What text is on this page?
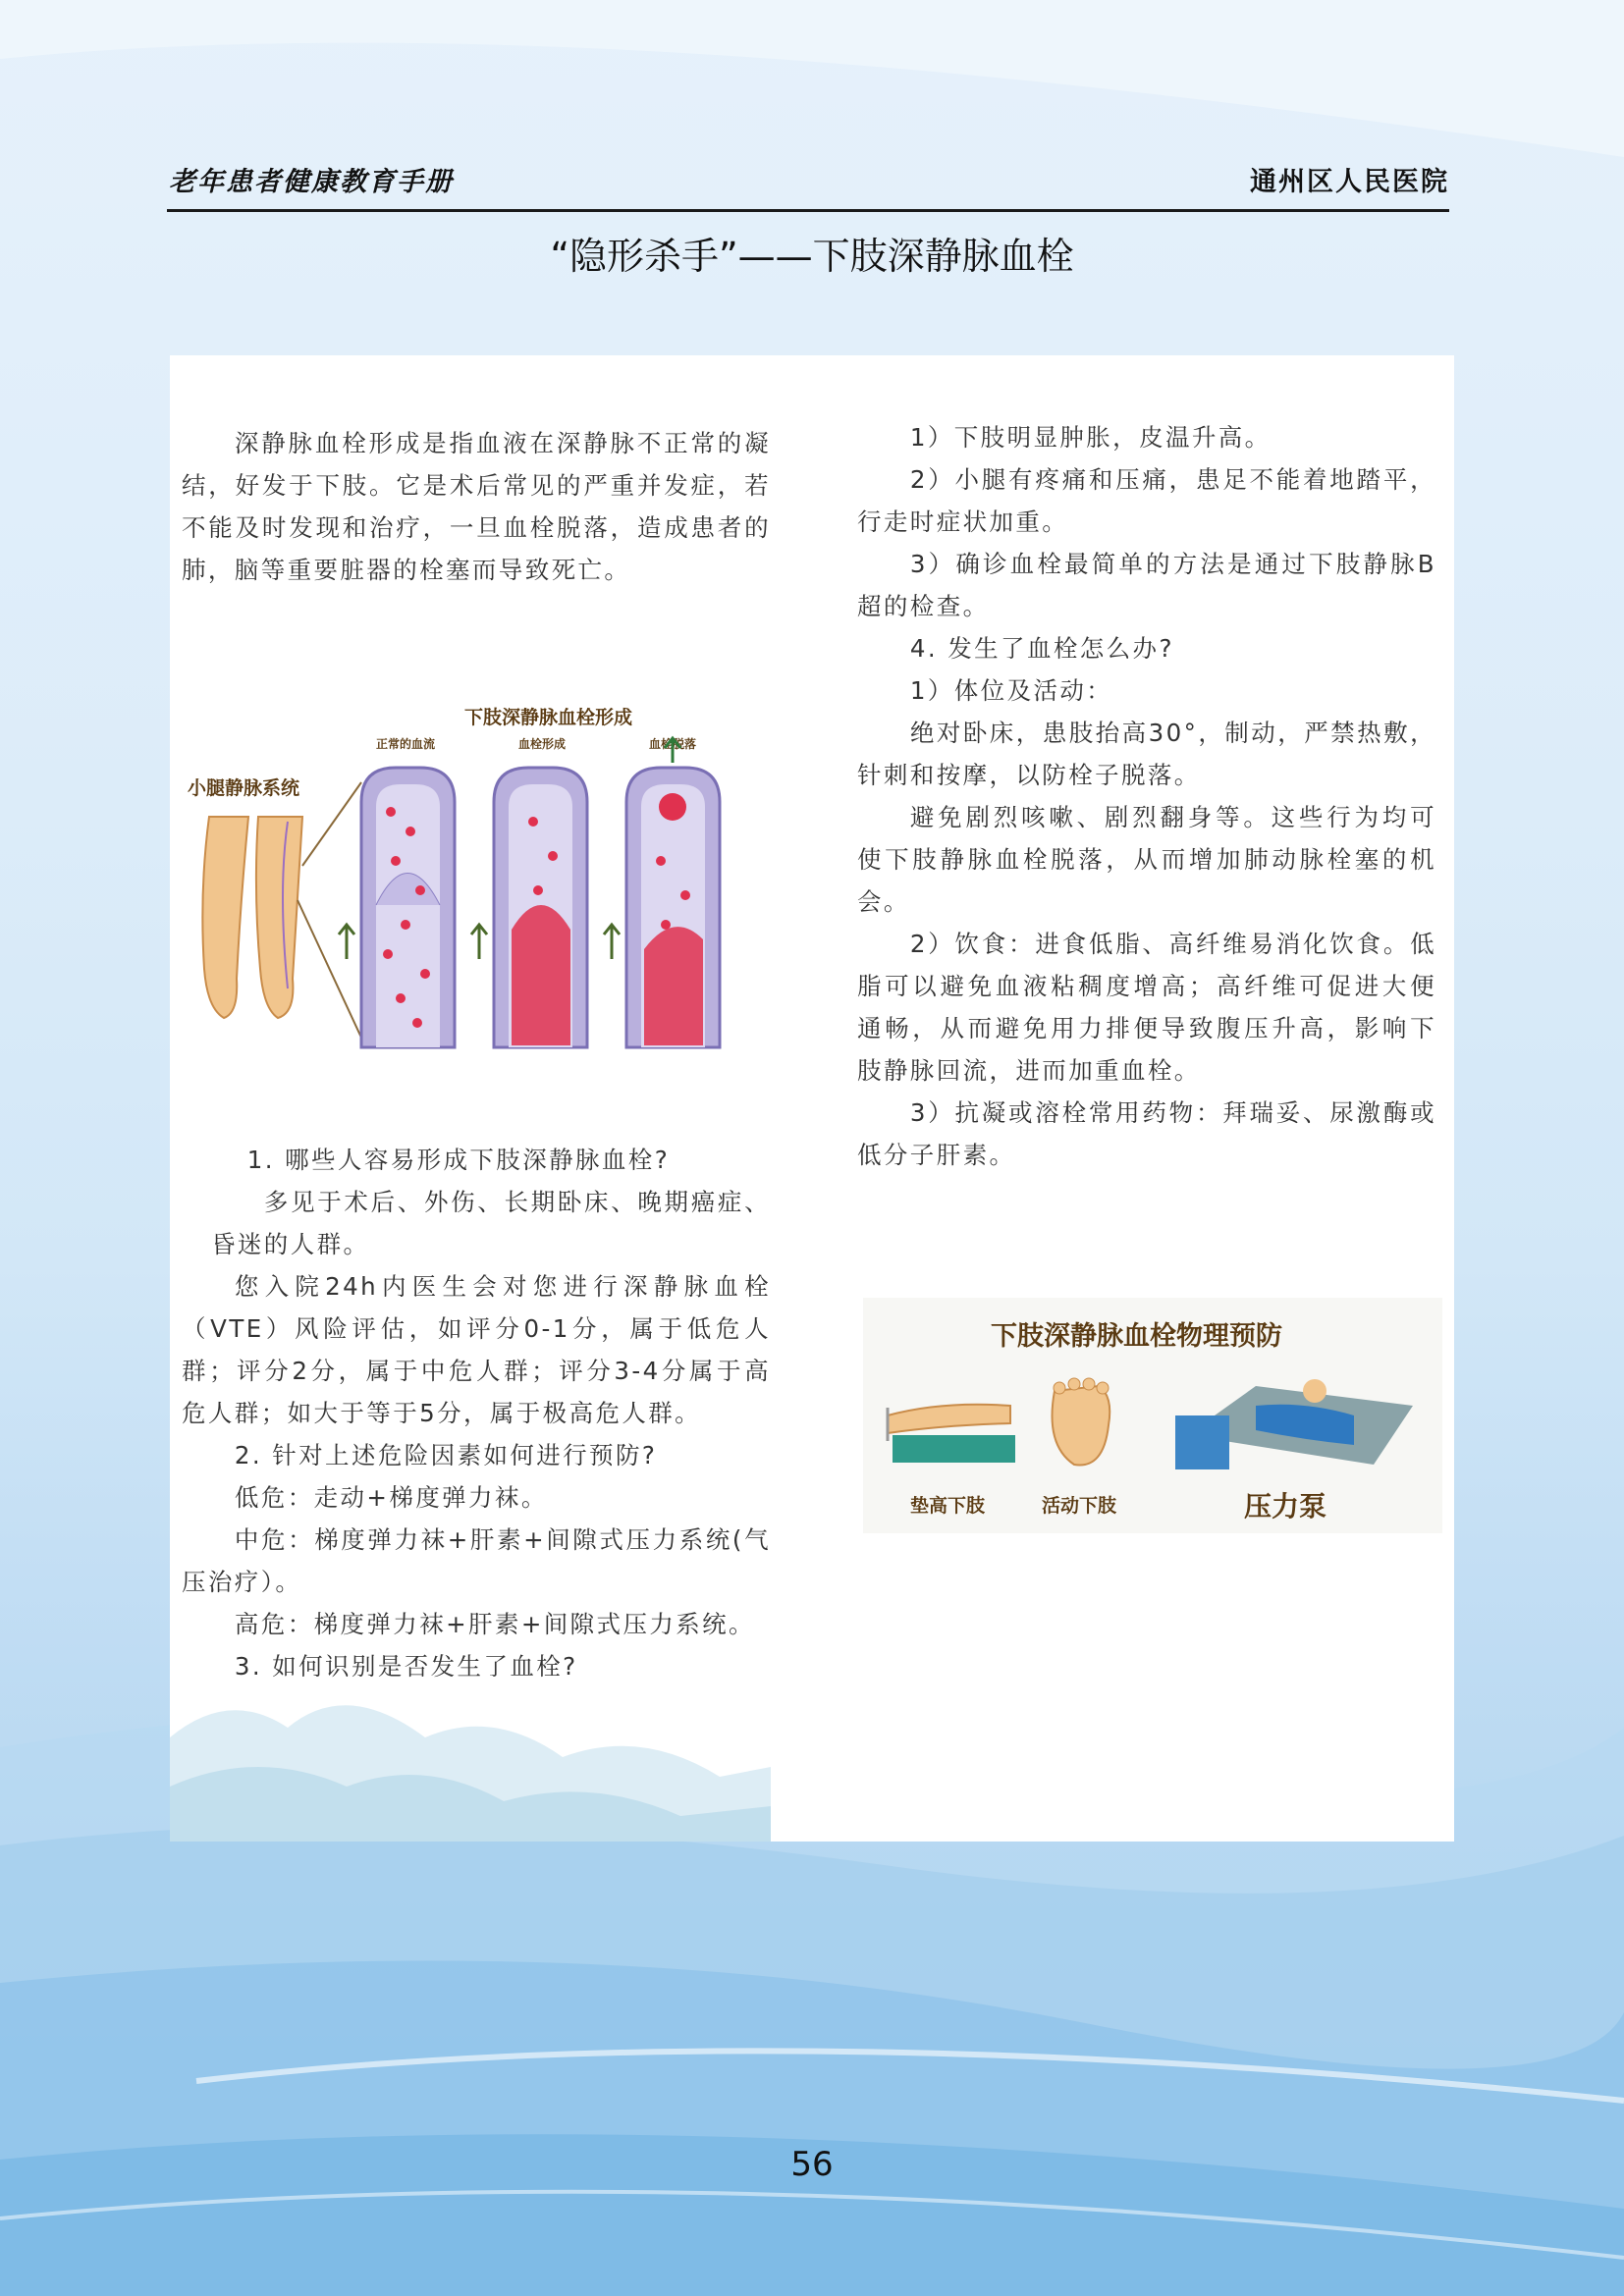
老年患者健康教育手册	通州区人民医院
“隐形杀手”——下肢深静脉血栓

深静脉血栓形成是指血液在深静脉不正常的凝结，好发于下肢。它是术后常见的严重并发症，若不能及时发现和治疗，一旦血栓脱落，造成患者的肺，脑等重要脏器的栓塞而导致死亡。

下肢深静脉血栓形成
小腿静脉系统
正常的血流	血栓形成	血栓脱落

1. 哪些人容易形成下肢深静脉血栓?

多见于术后、外伤、长期卧床、晚期癌症、昏迷的人群。

您入院24h内医生会对您进行深静脉血栓（VTE）风险评估，如评分0-1分，属于低危人群；评分2分，属于中危人群；评分3-4分属于高危人群；如大于等于5分，属于极高危人群。

2. 针对上述危险因素如何进行预防?

低危：走动+梯度弹力袜。

中危：梯度弹力袜+肝素+间隙式压力系统(气压治疗）。

高危：梯度弹力袜+肝素+间隙式压力系统。

3. 如何识别是否发生了血栓?

1）下肢明显肿胀，皮温升高。

2）小腿有疼痛和压痛，患足不能着地踏平，行走时症状加重。

3）确诊血栓最简单的方法是通过下肢静脉B超的检查。

4. 发生了血栓怎么办?

1）体位及活动：

绝对卧床，患肢抬高30°，制动，严禁热敷，针刺和按摩，以防栓子脱落。

避免剧烈咳嗽、剧烈翻身等。这些行为均可使下肢静脉血栓脱落，从而增加肺动脉栓塞的机会。

2）饮食：进食低脂、高纤维易消化饮食。低脂可以避免血液粘稠度增高；高纤维可促进大便通畅，从而避免用力排便导致腹压升高，影响下肢静脉回流，进而加重血栓。

3）抗凝或溶栓常用药物：拜瑞妥、尿激酶或低分子肝素。

下肢深静脉血栓物理预防
垫高下肢	活动下肢	压力泵
56
